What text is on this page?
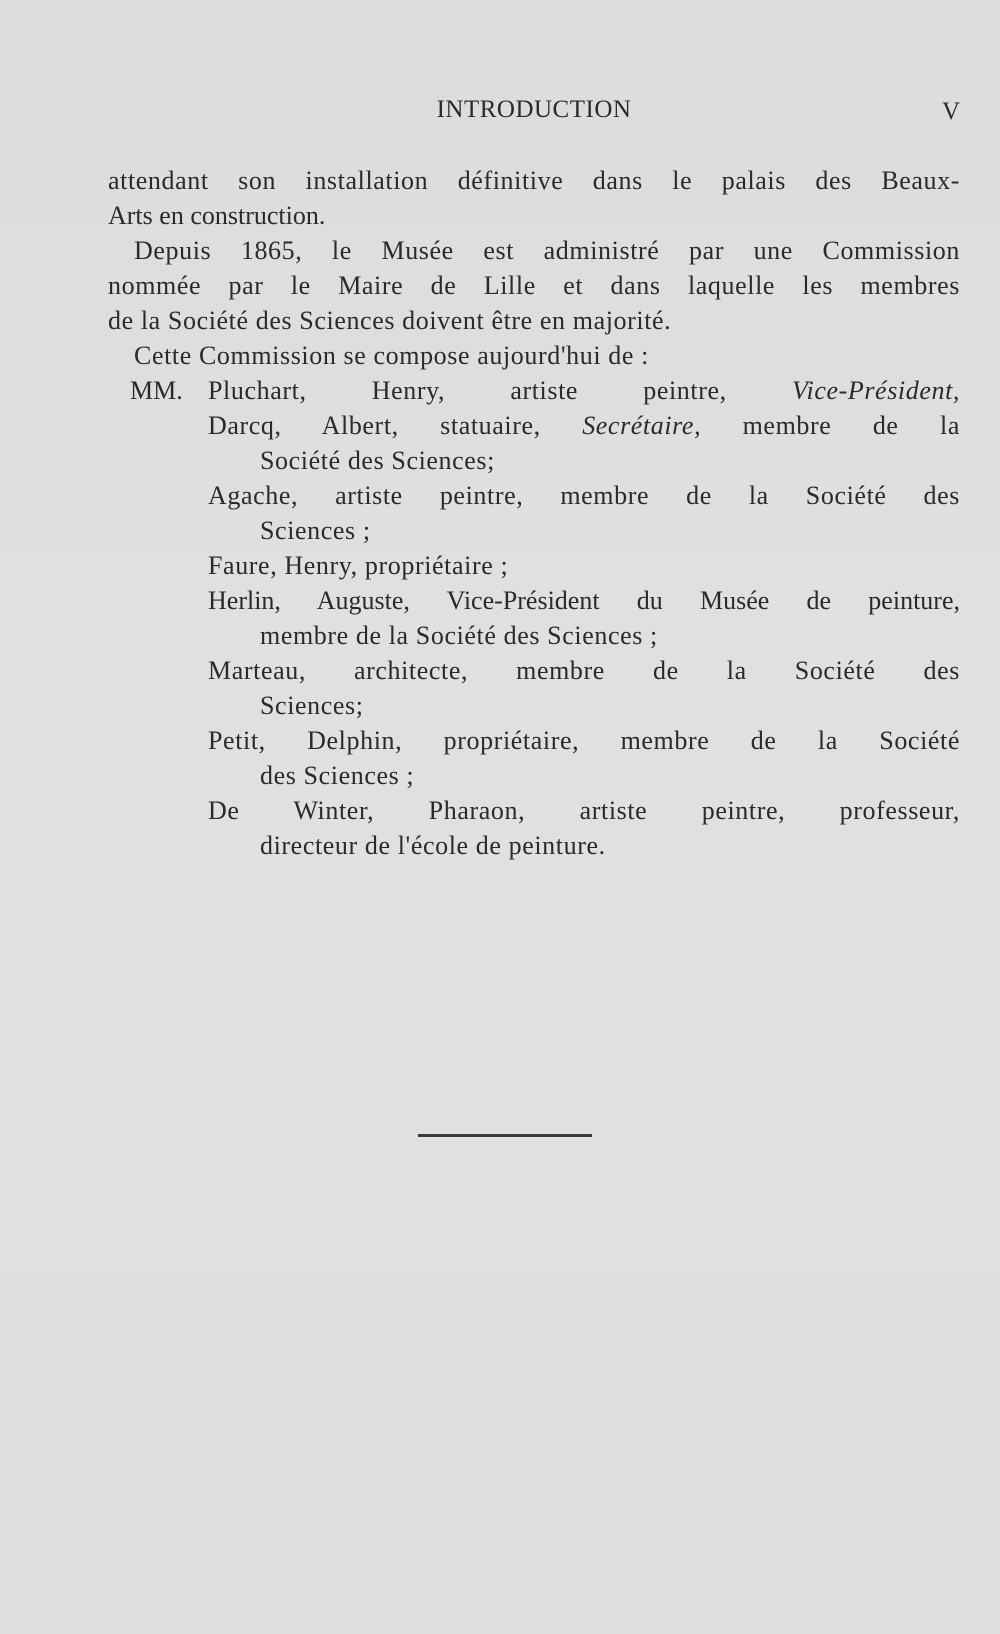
INTRODUCTION	V
attendant son installation définitive dans le palais des Beaux-
Arts en construction.
Depuis 1865, le Musée est administré par une Commission
nommée par le Maire de Lille et dans laquelle les membres
de la Société des Sciences doivent être en majorité.
Cette Commission se compose aujourd'hui de :
MM. Pluchart, Henry, artiste peintre,	Vice-Président,
Darcq, Albert, statuaire, Secrétaire, membre de la
Société des Sciences;
Agache, artiste peintre, membre de la Société des
Sciences ;
Faure, Henry, propriétaire ;
Herlin, Auguste, Vice-Président du Musée de peinture,
membre de la Société des Sciences ;
Marteau, architecte, membre de la Société des
Sciences;
Petit, Delphin, propriétaire, membre de la Société
des Sciences ;
De Winter, Pharaon, artiste peintre, professeur,
directeur de l'école de peinture.
